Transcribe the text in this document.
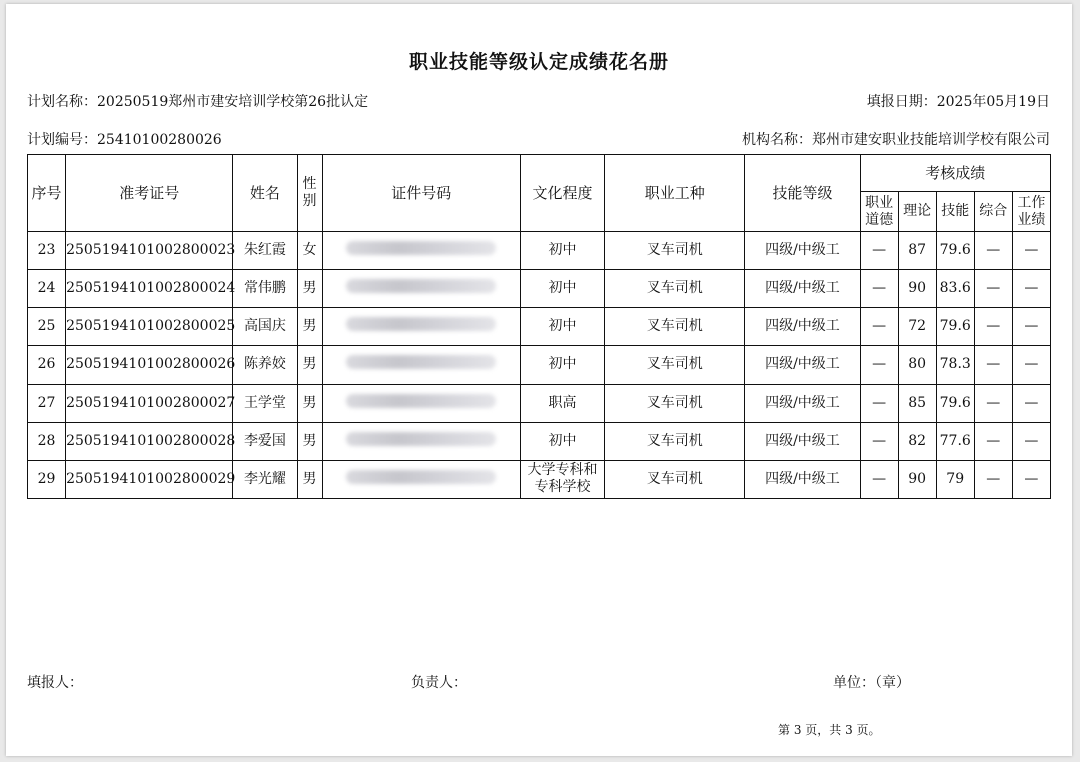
职业技能等级认定成绩花名册
计划名称：20250519郑州市建安培训学校第26批认定	填报日期：2025年05月19日
计划编号：25410100280026	机构名称：郑州市建安职业技能培训学校有限公司
序号	准考证号	姓名	性别	证件号码	文化程度	职业工种	技能等级	考核成绩				
								职业道德	理论	技能	综合	工作业绩
23	2505194101002800023	朱红霞	女		初中	叉车司机	四级/中级工	—	87	79.6	—	—
24	2505194101002800024	常伟鹏	男		初中	叉车司机	四级/中级工	—	90	83.6	—	—
25	2505194101002800025	高国庆	男		初中	叉车司机	四级/中级工	—	72	79.6	—	—
26	2505194101002800026	陈养姣	男		初中	叉车司机	四级/中级工	—	80	78.3	—	—
27	2505194101002800027	王学堂	男		职高	叉车司机	四级/中级工	—	85	79.6	—	—
28	2505194101002800028	李爱国	男		初中	叉车司机	四级/中级工	—	82	77.6	—	—
29	2505194101002800029	李光耀	男		大学专科和专科学校	叉车司机	四级/中级工	—	90	79	—	—
填报人：	负责人：	单位：（章）
第 3 页，共 3 页。
